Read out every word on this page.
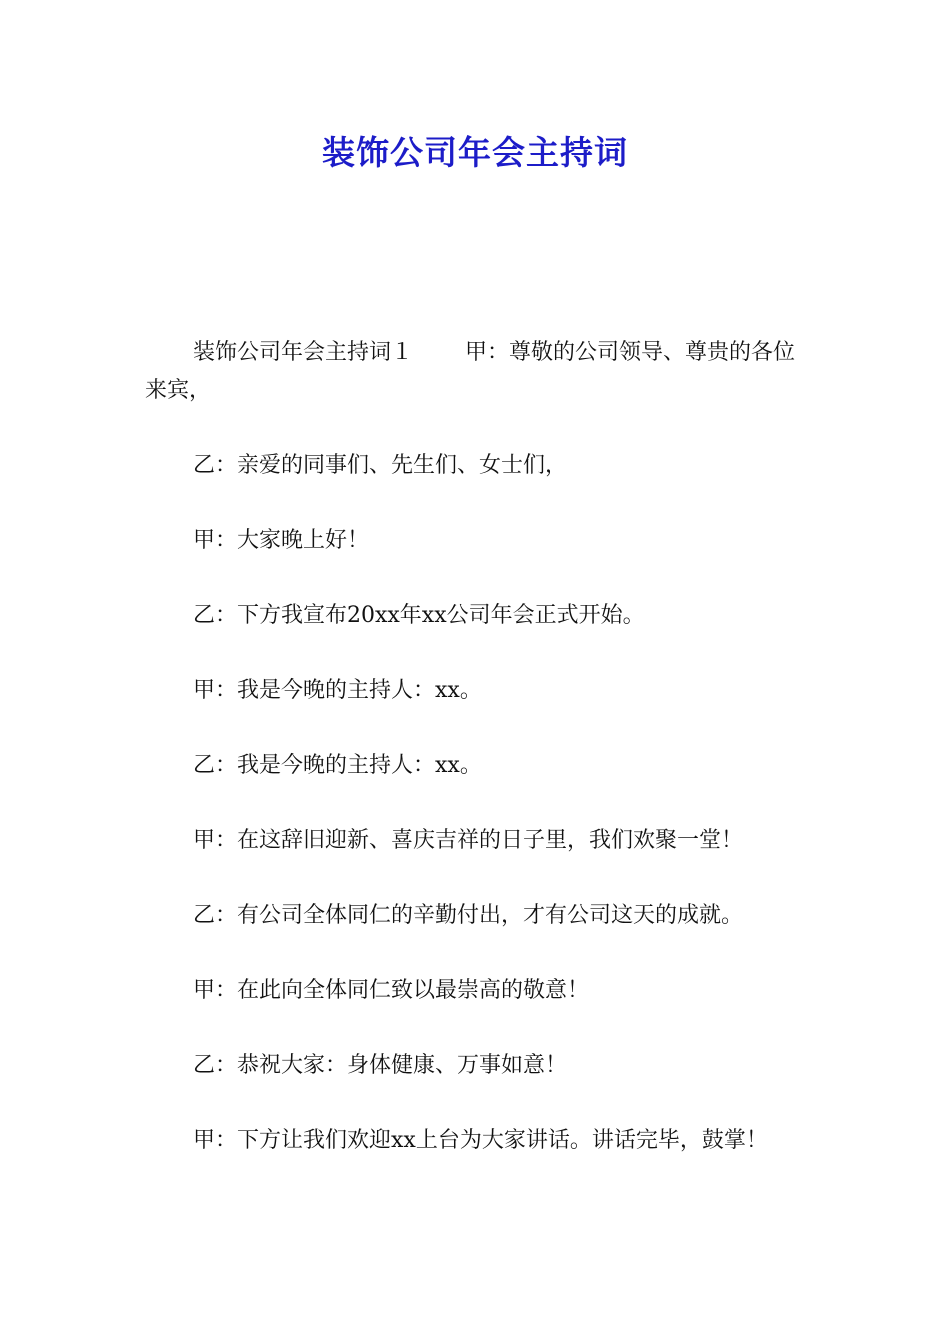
装饰公司年会主持词

装饰公司年会主持词１ 甲：尊敬的公司领导、尊贵的各位来宾，

乙：亲爱的同事们、先生们、女士们，

甲：大家晚上好！

乙：下方我宣布20xx年xx公司年会正式开始。

甲：我是今晚的主持人：xx。

乙：我是今晚的主持人：xx。

甲：在这辞旧迎新、喜庆吉祥的日子里，我们欢聚一堂！

乙：有公司全体同仁的辛勤付出，才有公司这天的成就。

甲：在此向全体同仁致以最崇高的敬意！

乙：恭祝大家：身体健康、万事如意！

甲：下方让我们欢迎xx上台为大家讲话。讲话完毕，鼓掌！
